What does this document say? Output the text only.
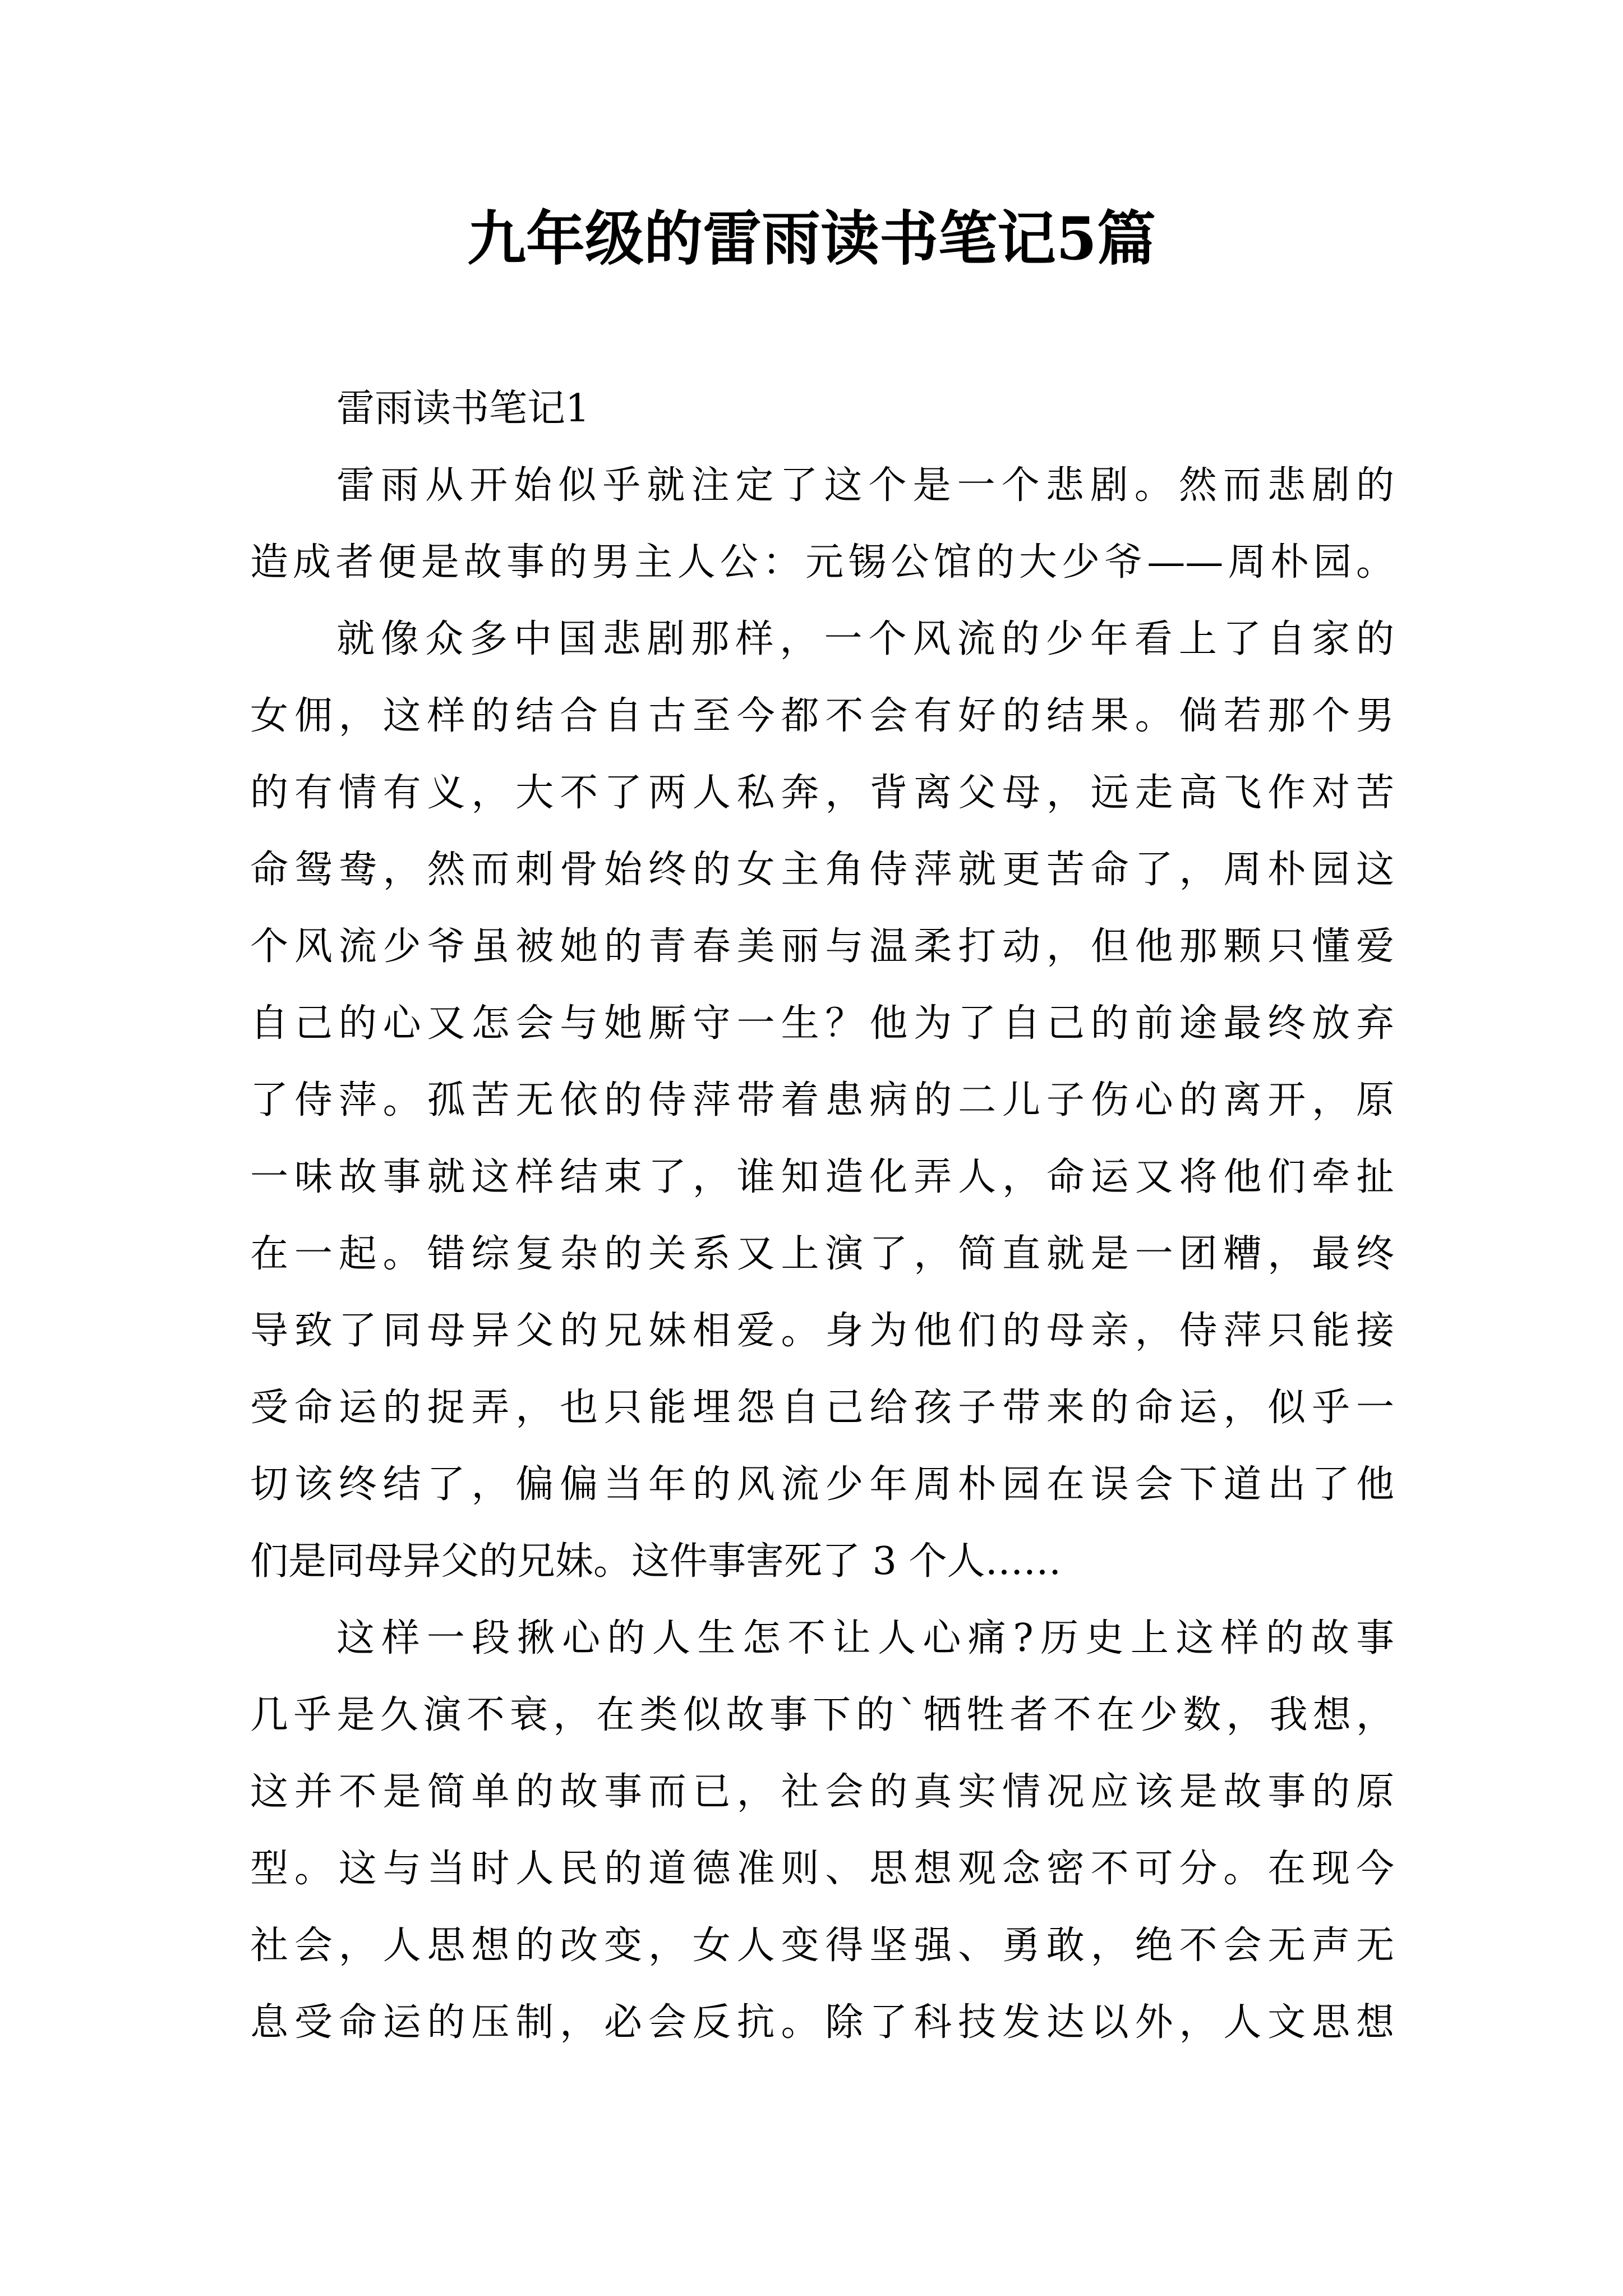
九年级的雷雨读书笔记5篇
雷雨读书笔记1
雷雨从开始似乎就注定了这个是一个悲剧。然而悲剧的
造成者便是故事的男主人公：元锡公馆的大少爷——周朴园。
就像众多中国悲剧那样，一个风流的少年看上了自家的
女佣，这样的结合自古至今都不会有好的结果。倘若那个男
的有情有义，大不了两人私奔，背离父母，远走高飞作对苦
命鸳鸯，然而刺骨始终的女主角侍萍就更苦命了，周朴园这
个风流少爷虽被她的青春美丽与温柔打动，但他那颗只懂爱
自己的心又怎会与她厮守一生？他为了自己的前途最终放弃
了侍萍。孤苦无依的侍萍带着患病的二儿子伤心的离开，原
一味故事就这样结束了，谁知造化弄人，命运又将他们牵扯
在一起。错综复杂的关系又上演了，简直就是一团糟，最终
导致了同母异父的兄妹相爱。身为他们的母亲，侍萍只能接
受命运的捉弄，也只能埋怨自己给孩子带来的命运，似乎一
切该终结了，偏偏当年的风流少年周朴园在误会下道出了他
们是同母异父的兄妹。这件事害死了 3 个人……
这样一段揪心的人生怎不让人心痛?历史上这样的故事
几乎是久演不衰，在类似故事下的`牺牲者不在少数，我想，
这并不是简单的故事而已，社会的真实情况应该是故事的原
型。这与当时人民的道德准则、思想观念密不可分。在现今
社会，人思想的改变，女人变得坚强、勇敢，绝不会无声无
息受命运的压制，必会反抗。除了科技发达以外，人文思想
